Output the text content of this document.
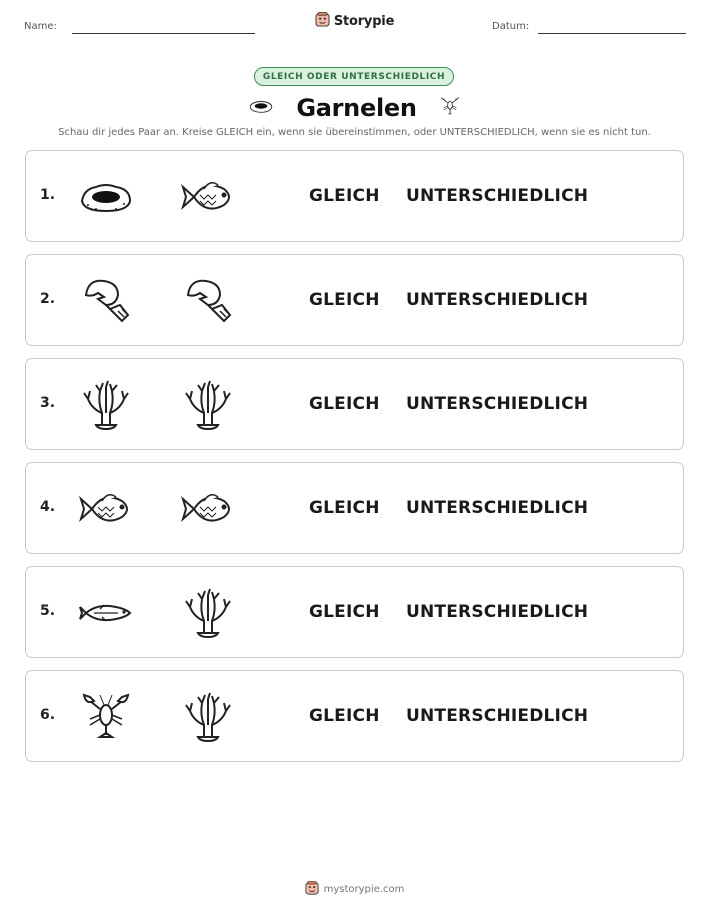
Name:	Storypie	Datum:
GLEICH ODER UNTERSCHIEDLICH
Garnelen
Schau dir jedes Paar an. Kreise GLEICH ein, wenn sie übereinstimmen, oder UNTERSCHIEDLICH, wenn sie es nicht tun.
1.	GLEICH UNTERSCHIEDLICH
2.	GLEICH UNTERSCHIEDLICH
3.	GLEICH UNTERSCHIEDLICH
4.	GLEICH UNTERSCHIEDLICH
5.	GLEICH UNTERSCHIEDLICH
6.	GLEICH UNTERSCHIEDLICH
mystorypie.com
